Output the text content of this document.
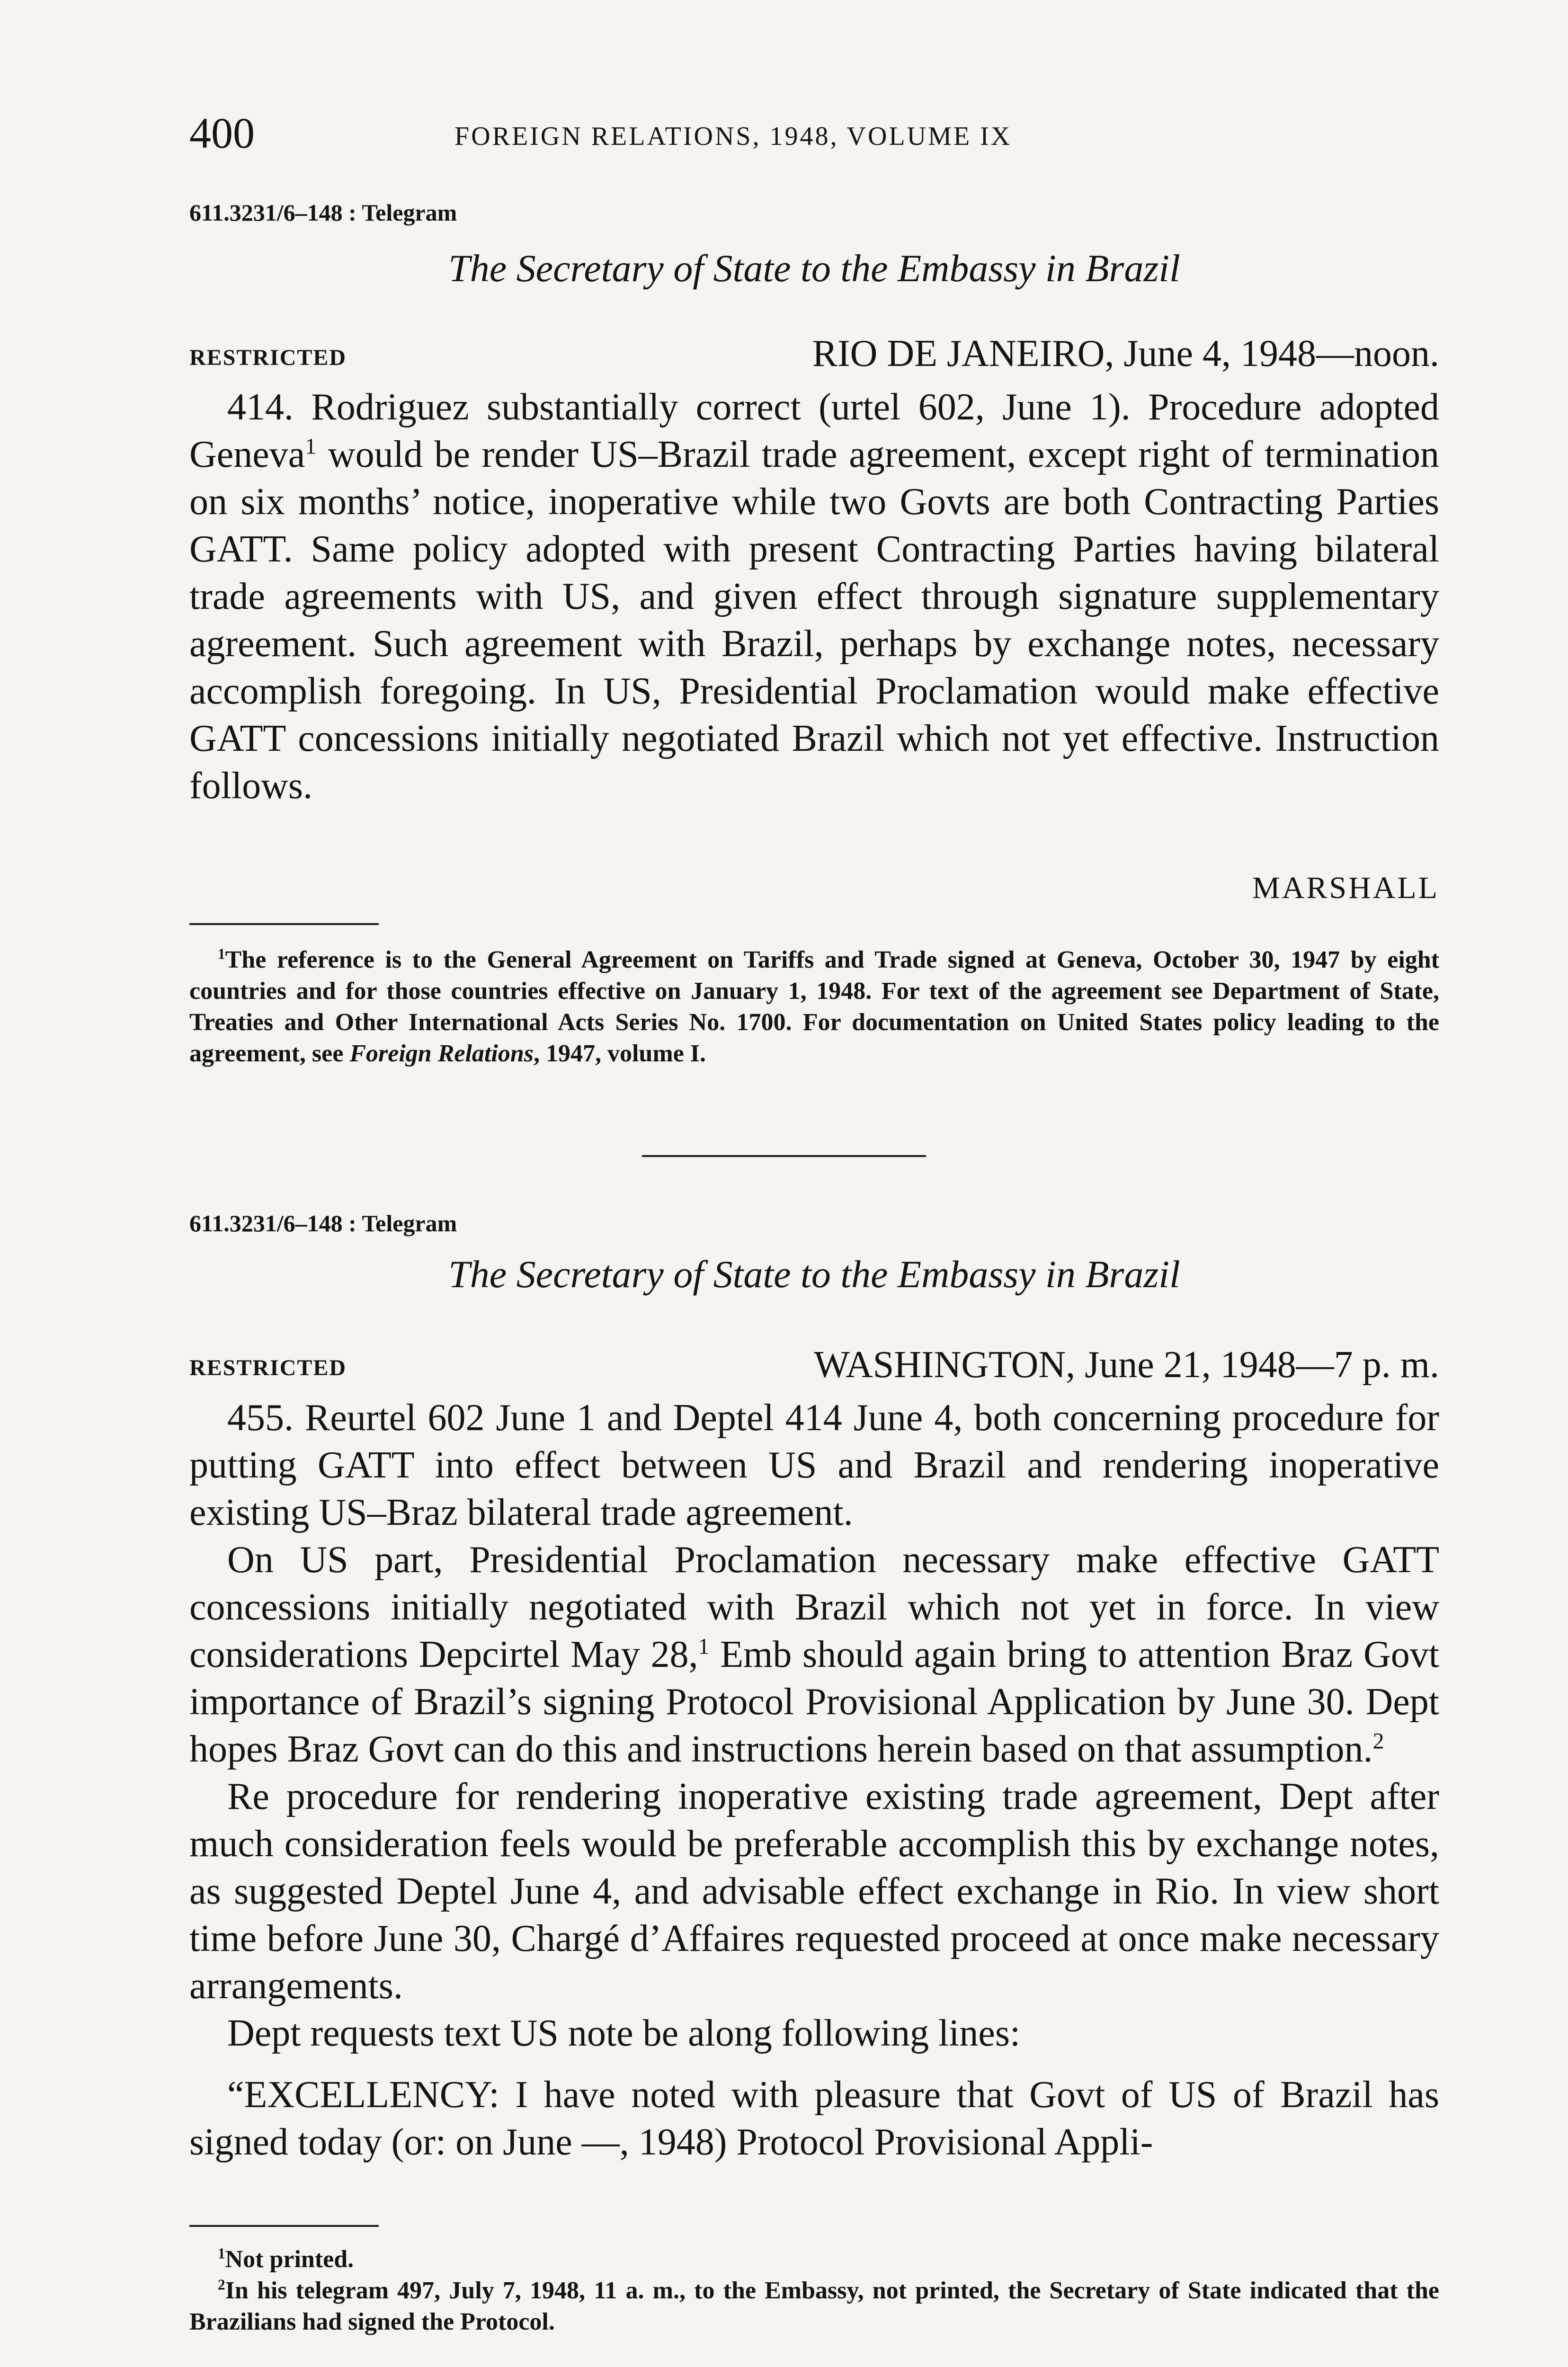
400	FOREIGN RELATIONS, 1948, VOLUME IX
611.3231/6–148 : Telegram
The Secretary of State to the Embassy in Brazil
RESTRICTED	RIO DE JANEIRO, June 4, 1948—noon.

414. Rodriguez substantially correct (urtel 602, June 1). Procedure adopted Geneva$^1$ would be render US–Brazil trade agreement, except right of termination on six months’ notice, inoperative while two Govts are both Contracting Parties GATT. Same policy adopted with present Contracting Parties having bilateral trade agreements with US, and given effect through signature supplementary agreement. Such agreement with Brazil, perhaps by exchange notes, necessary accomplish foregoing. In US, Presidential Proclamation would make effective GATT concessions initially negotiated Brazil which not yet effective. Instruction follows.

MARSHALL

$^1$The reference is to the General Agreement on Tariffs and Trade signed at Geneva, October 30, 1947 by eight countries and for those countries effective on January 1, 1948. For text of the agreement see Department of State, Treaties and Other International Acts Series No. 1700. For documentation on United States policy leading to the agreement, see Foreign Relations, 1947, volume I.

611.3231/6–148 : Telegram
The Secretary of State to the Embassy in Brazil
RESTRICTED	WASHINGTON, June 21, 1948—7 p. m.

455. Reurtel 602 June 1 and Deptel 414 June 4, both concerning procedure for putting GATT into effect between US and Brazil and rendering inoperative existing US–Braz bilateral trade agreement.

On US part, Presidential Proclamation necessary make effective GATT concessions initially negotiated with Brazil which not yet in force. In view considerations Depcirtel May 28,$^1$ Emb should again bring to attention Braz Govt importance of Brazil’s signing Protocol Provisional Application by June 30. Dept hopes Braz Govt can do this and instructions herein based on that assumption.$^2$

Re procedure for rendering inoperative existing trade agreement, Dept after much consideration feels would be preferable accomplish this by exchange notes, as suggested Deptel June 4, and advisable effect exchange in Rio. In view short time before June 30, Chargé d’Affaires requested proceed at once make necessary arrangements.

Dept requests text US note be along following lines:

“EXCELLENCY: I have noted with pleasure that Govt of US of Brazil has signed today (or: on June —, 1948) Protocol Provisional Appli-

$^1$Not printed.

$^2$In his telegram 497, July 7, 1948, 11 a. m., to the Embassy, not printed, the Secretary of State indicated that the Brazilians had signed the Protocol.
